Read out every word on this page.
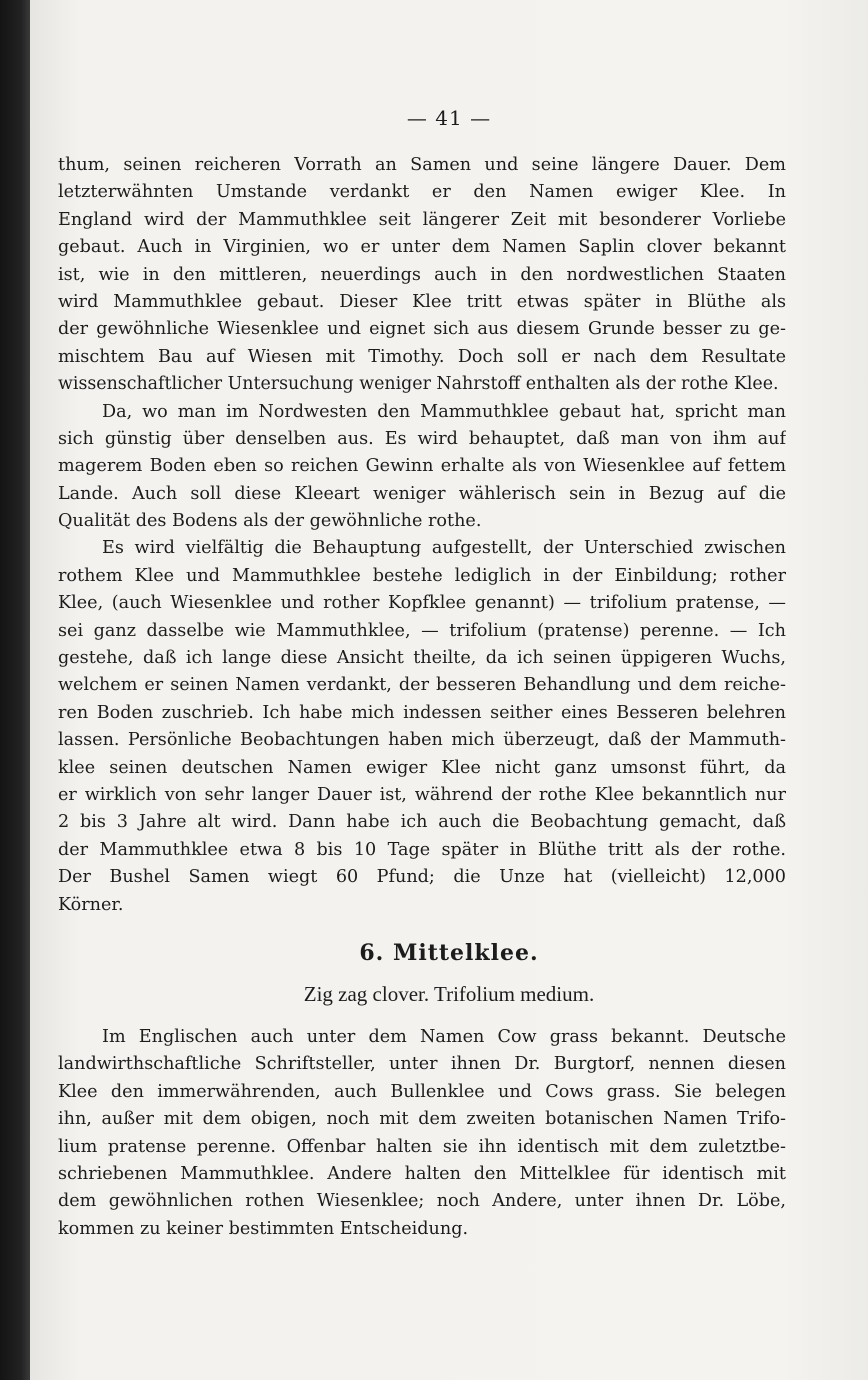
— 41 —
thum, seinen reicheren Vorrath an Samen und seine längere Dauer. Dem
letzterwähnten Umstande verdankt er den Namen ewiger Klee. In
England wird der Mammuthklee seit längerer Zeit mit besonderer Vorliebe
gebaut. Auch in Virginien, wo er unter dem Namen Saplin clover bekannt
ist, wie in den mittleren, neuerdings auch in den nordwestlichen Staaten
wird Mammuthklee gebaut. Dieser Klee tritt etwas später in Blüthe als
der gewöhnliche Wiesenklee und eignet sich aus diesem Grunde besser zu ge-
mischtem Bau auf Wiesen mit Timothy. Doch soll er nach dem Resultate
wissenschaftlicher Untersuchung weniger Nahrstoff enthalten als der rothe Klee.
Da, wo man im Nordwesten den Mammuthklee gebaut hat, spricht man
sich günstig über denselben aus. Es wird behauptet, daß man von ihm auf
magerem Boden eben so reichen Gewinn erhalte als von Wiesenklee auf fettem
Lande. Auch soll diese Kleeart weniger wählerisch sein in Bezug auf die
Qualität des Bodens als der gewöhnliche rothe.
Es wird vielfältig die Behauptung aufgestellt, der Unterschied zwischen
rothem Klee und Mammuthklee bestehe lediglich in der Einbildung; rother
Klee, (auch Wiesenklee und rother Kopfklee genannt) — trifolium pratense, —
sei ganz dasselbe wie Mammuthklee, — trifolium (pratense) perenne. — Ich
gestehe, daß ich lange diese Ansicht theilte, da ich seinen üppigeren Wuchs,
welchem er seinen Namen verdankt, der besseren Behandlung und dem reiche-
ren Boden zuschrieb. Ich habe mich indessen seither eines Besseren belehren
lassen. Persönliche Beobachtungen haben mich überzeugt, daß der Mammuth-
klee seinen deutschen Namen ewiger Klee nicht ganz umsonst führt, da
er wirklich von sehr langer Dauer ist, während der rothe Klee bekanntlich nur
2 bis 3 Jahre alt wird. Dann habe ich auch die Beobachtung gemacht, daß
der Mammuthklee etwa 8 bis 10 Tage später in Blüthe tritt als der rothe.
Der Bushel Samen wiegt 60 Pfund; die Unze hat (vielleicht) 12,000
Körner.
6. Mittelklee.
Zig zag clover. Trifolium medium.
Im Englischen auch unter dem Namen Cow grass bekannt. Deutsche
landwirthschaftliche Schriftsteller, unter ihnen Dr. Burgtorf, nennen diesen
Klee den immerwährenden, auch Bullenklee und Cows grass. Sie belegen
ihn, außer mit dem obigen, noch mit dem zweiten botanischen Namen Trifo-
lium pratense perenne. Offenbar halten sie ihn identisch mit dem zuletztbe-
schriebenen Mammuthklee. Andere halten den Mittelklee für identisch mit
dem gewöhnlichen rothen Wiesenklee; noch Andere, unter ihnen Dr. Löbe,
kommen zu keiner bestimmten Entscheidung.
